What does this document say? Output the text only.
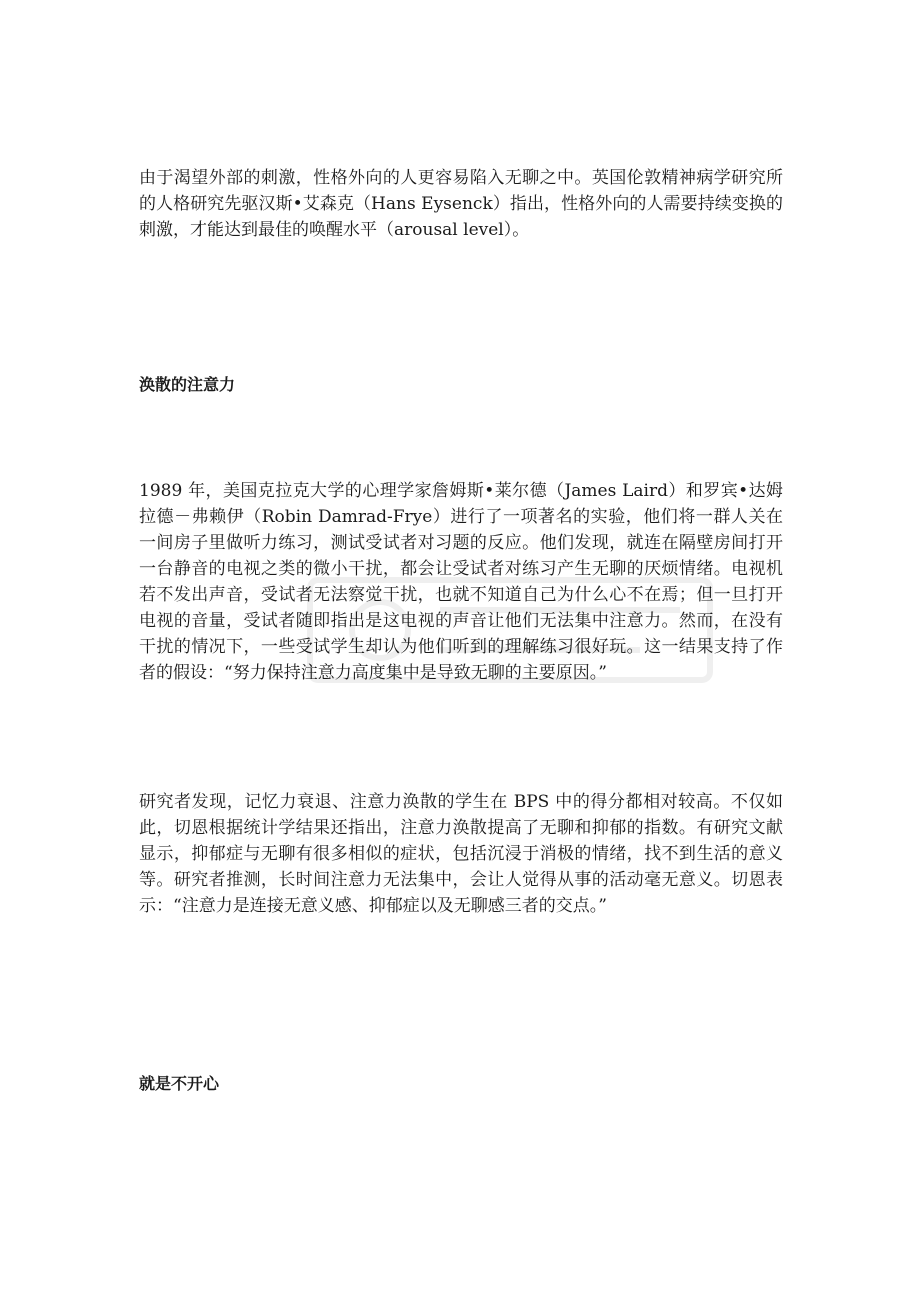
由于渴望外部的刺激，性格外向的人更容易陷入无聊之中。英国伦敦精神病学研究所的人格研究先驱汉斯•艾森克（Hans Eysenck）指出，性格外向的人需要持续变换的刺激，才能达到最佳的唤醒水平（arousal level）。

涣散的注意力

1989 年，美国克拉克大学的心理学家詹姆斯•莱尔德（James Laird）和罗宾•达姆拉德－弗赖伊（Robin Damrad-Frye）进行了一项著名的实验，他们将一群人关在一间房子里做听力练习，测试受试者对习题的反应。他们发现，就连在隔壁房间打开一台静音的电视之类的微小干扰，都会让受试者对练习产生无聊的厌烦情绪。电视机若不发出声音，受试者无法察觉干扰，也就不知道自己为什么心不在焉；但一旦打开电视的音量，受试者随即指出是这电视的声音让他们无法集中注意力。然而，在没有干扰的情况下，一些受试学生却认为他们听到的理解练习很好玩。这一结果支持了作者的假设：“努力保持注意力高度集中是导致无聊的主要原因。”

研究者发现，记忆力衰退、注意力涣散的学生在 BPS 中的得分都相对较高。不仅如此，切恩根据统计学结果还指出，注意力涣散提高了无聊和抑郁的指数。有研究文献显示，抑郁症与无聊有很多相似的症状，包括沉浸于消极的情绪，找不到生活的意义等。研究者推测，长时间注意力无法集中，会让人觉得从事的活动毫无意义。切恩表示：“注意力是连接无意义感、抑郁症以及无聊感三者的交点。”

就是不开心
